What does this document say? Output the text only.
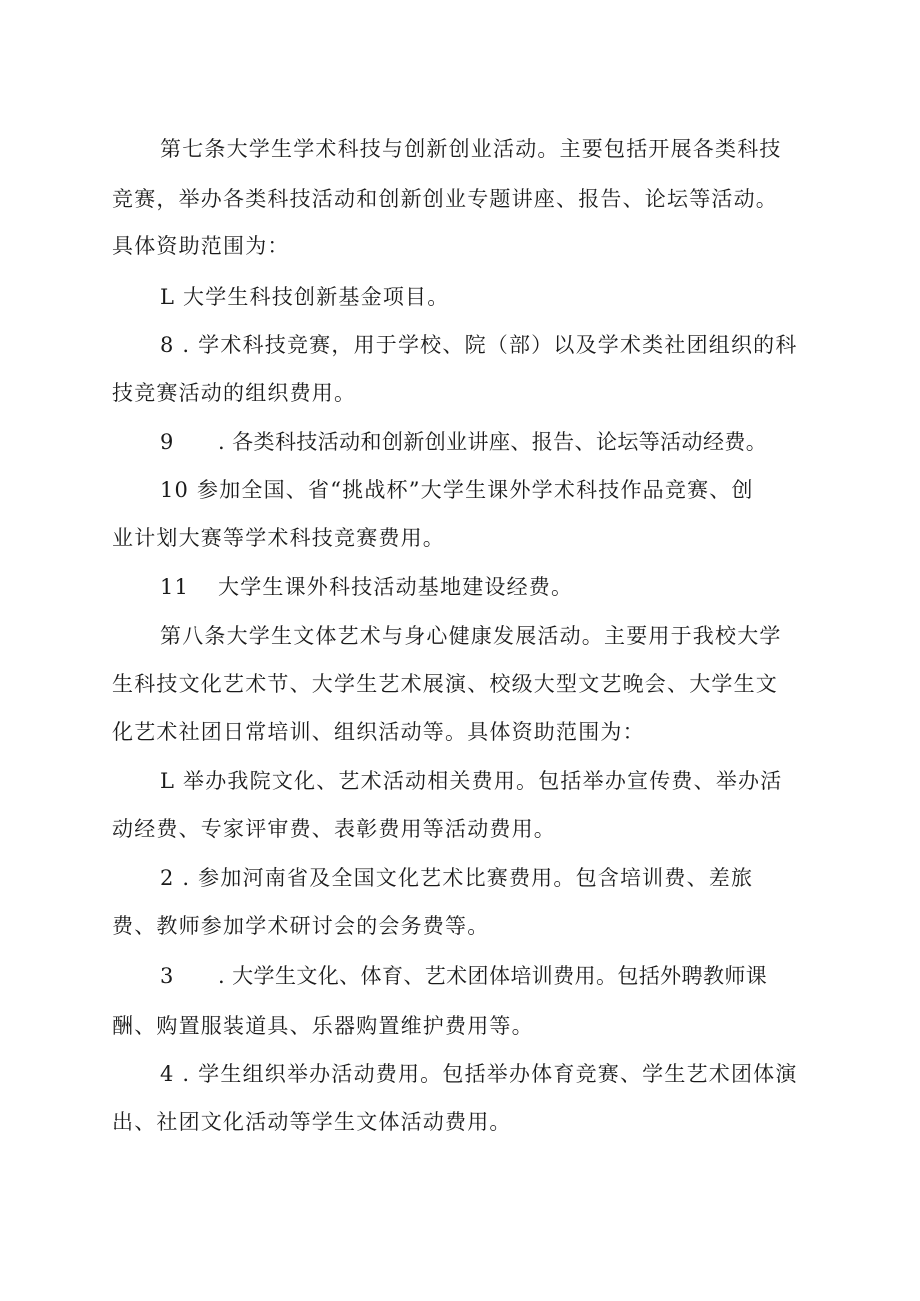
第七条大学生学术科技与创新创业活动。主要包括开展各类科技
竞赛，举办各类科技活动和创新创业专题讲座、报告、论坛等活动。
具体资助范围为：
L 大学生科技创新基金项目。
8 . 学术科技竞赛，用于学校、院（部）以及学术类社团组织的科
技竞赛活动的组织费用。
9 . 各类科技活动和创新创业讲座、报告、论坛等活动经费。
10 参加全国、省“挑战杯”大学生课外学术科技作品竞赛、创
业计划大赛等学术科技竞赛费用。
11 大学生课外科技活动基地建设经费。
第八条大学生文体艺术与身心健康发展活动。主要用于我校大学
生科技文化艺术节、大学生艺术展演、校级大型文艺晚会、大学生文
化艺术社团日常培训、组织活动等。具体资助范围为：
L 举办我院文化、艺术活动相关费用。包括举办宣传费、举办活
动经费、专家评审费、表彰费用等活动费用。
2 . 参加河南省及全国文化艺术比赛费用。包含培训费、差旅
费、教师参加学术研讨会的会务费等。
3 . 大学生文化、体育、艺术团体培训费用。包括外聘教师课
酬、购置服装道具、乐器购置维护费用等。
4 . 学生组织举办活动费用。包括举办体育竞赛、学生艺术团体演
出、社团文化活动等学生文体活动费用。
